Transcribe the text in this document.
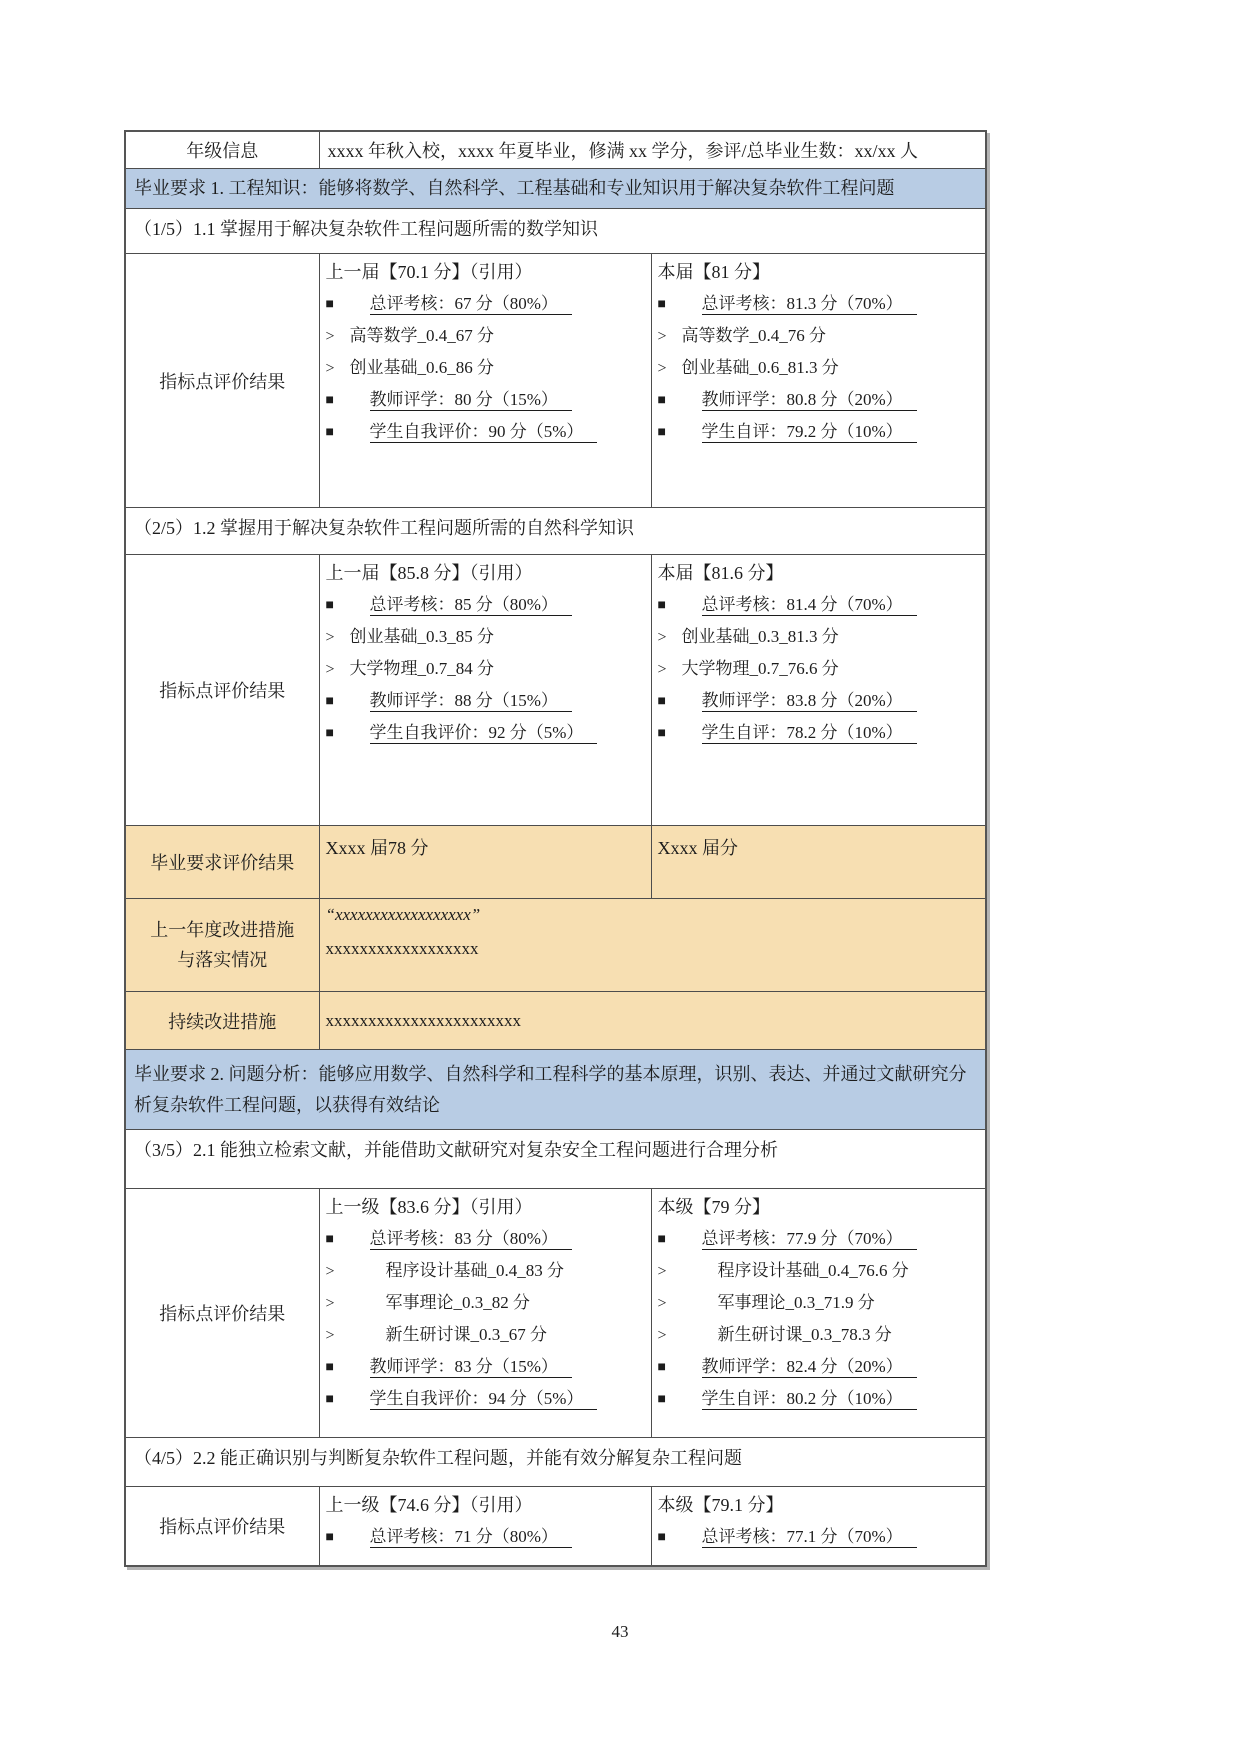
年级信息	xxxx 年秋入校，xxxx 年夏毕业，修满 xx 学分，参评/总毕业生数：xx/xx 人	
毕业要求 1. 工程知识：能够将数学、自然科学、工程基础和专业知识用于解决复杂软件工程问题		
（1/5）1.1 掌握用于解决复杂软件工程问题所需的数学知识		
指标点评价结果	
上一届【70.1 分】（引用）
■ 总评考核：67 分（80%）
> 高等数学_0.4_67 分
> 创业基础_0.6_86 分
■ 教师评学：80 分（15%）
■ 学生自我评价：90 分（5%）

本届【81 分】
■ 总评考核：81.3 分（70%）
> 高等数学_0.4_76 分
> 创业基础_0.6_81.3 分
■ 教师评学：80.8 分（20%）
■ 学生自评：79.2 分（10%）

（2/5）1.2 掌握用于解决复杂软件工程问题所需的自然科学知识		
指标点评价结果	
上一届【85.8 分】（引用）
■ 总评考核：85 分（80%）
> 创业基础_0.3_85 分
> 大学物理_0.7_84 分
■ 教师评学：88 分（15%）
■ 学生自我评价：92 分（5%）

本届【81.6 分】
■ 总评考核：81.4 分（70%）
> 创业基础_0.3_81.3 分
> 大学物理_0.7_76.6 分
■ 教师评学：83.8 分（20%）
■ 学生自评：78.2 分（10%）

毕业要求评价结果	Xxxx 届78 分	Xxxx 届分

上一年度改进措施
与落实情况

“xxxxxxxxxxxxxxxxxx”
xxxxxxxxxxxxxxxxxx

持续改进措施	xxxxxxxxxxxxxxxxxxxxxxx	
毕业要求 2. 问题分析：能够应用数学、自然科学和工程科学的基本原理，识别、表达、并通过文献研究分析复杂软件工程问题，以获得有效结论		
（3/5）2.1 能独立检索文献，并能借助文献研究对复杂安全工程问题进行合理分析		
指标点评价结果	
上一级【83.6 分】（引用）
■ 总评考核：83 分（80%）
>	程序设计基础_0.4_83 分
>	军事理论_0.3_82 分
>	新生研讨课_0.3_67 分
■ 教师评学：83 分（15%）
■ 学生自我评价：94 分（5%）

本级【79 分】
■ 总评考核：77.9 分（70%）
>	程序设计基础_0.4_76.6 分
>	军事理论_0.3_71.9 分
>	新生研讨课_0.3_78.3 分
■ 教师评学：82.4 分（20%）
■ 学生自评：80.2 分（10%）

（4/5）2.2 能正确识别与判断复杂软件工程问题，并能有效分解复杂工程问题		
指标点评价结果	
上一级【74.6 分】（引用）
■ 总评考核：71 分（80%）

本级【79.1 分】
■ 总评考核：77.1 分（70%）
43
